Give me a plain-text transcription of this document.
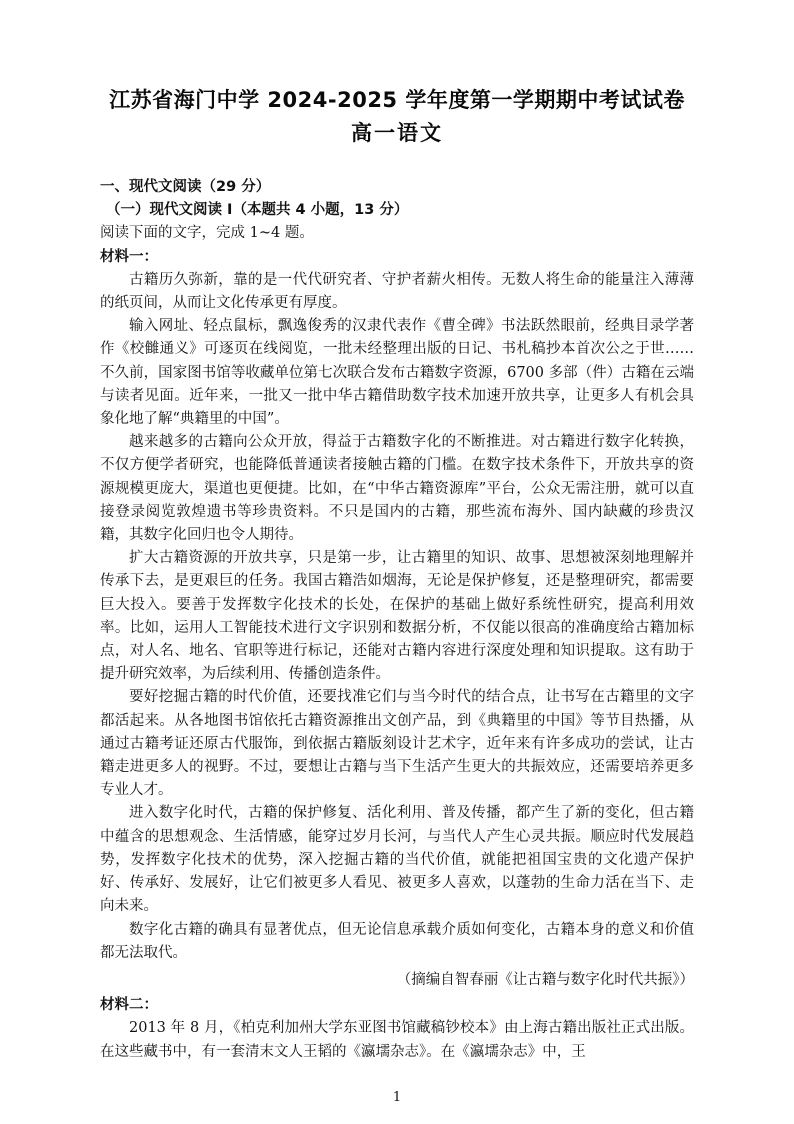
江苏省海门中学 2024-2025 学年度第一学期期中考试试卷
高一语文
一、现代文阅读（29 分）
（一）现代文阅读 I（本题共 4 小题，13 分）
阅读下面的文字，完成 1~4 题。
材料一：

古籍历久弥新，靠的是一代代研究者、守护者薪火相传。无数人将生命的能量注入薄薄的纸页间，从而让文化传承更有厚度。

输入网址、轻点鼠标，飘逸俊秀的汉隶代表作《曹全碑》书法跃然眼前，经典目录学著作《校雠通义》可逐页在线阅览，一批未经整理出版的日记、书札稿抄本首次公之于世……不久前，国家图书馆等收藏单位第七次联合发布古籍数字资源，6700 多部（件）古籍在云端与读者见面。近年来，一批又一批中华古籍借助数字技术加速开放共享，让更多人有机会具象化地了解“典籍里的中国”。

越来越多的古籍向公众开放，得益于古籍数字化的不断推进。对古籍进行数字化转换，不仅方便学者研究，也能降低普通读者接触古籍的门槛。在数字技术条件下，开放共享的资源规模更庞大，渠道也更便捷。比如，在“中华古籍资源库”平台，公众无需注册，就可以直接登录阅览敦煌遗书等珍贵资料。不只是国内的古籍，那些流布海外、国内缺藏的珍贵汉籍，其数字化回归也令人期待。

扩大古籍资源的开放共享，只是第一步，让古籍里的知识、故事、思想被深刻地理解并传承下去，是更艰巨的任务。我国古籍浩如烟海，无论是保护修复，还是整理研究，都需要巨大投入。要善于发挥数字化技术的长处，在保护的基础上做好系统性研究，提高利用效率。比如，运用人工智能技术进行文字识别和数据分析，不仅能以很高的准确度给古籍加标点，对人名、地名、官职等进行标记，还能对古籍内容进行深度处理和知识提取。这有助于提升研究效率，为后续利用、传播创造条件。

要好挖掘古籍的时代价值，还要找准它们与当今时代的结合点，让书写在古籍里的文字都活起来。从各地图书馆依托古籍资源推出文创产品，到《典籍里的中国》等节目热播，从通过古籍考证还原古代服饰，到依据古籍版刻设计艺术字，近年来有许多成功的尝试，让古籍走进更多人的视野。不过，要想让古籍与当下生活产生更大的共振效应，还需要培养更多专业人才。

进入数字化时代，古籍的保护修复、活化利用、普及传播，都产生了新的变化，但古籍中蕴含的思想观念、生活情感，能穿过岁月长河，与当代人产生心灵共振。顺应时代发展趋势，发挥数字化技术的优势，深入挖掘古籍的当代价值，就能把祖国宝贵的文化遗产保护好、传承好、发展好，让它们被更多人看见、被更多人喜欢，以蓬勃的生命力活在当下、走向未来。

数字化古籍的确具有显著优点，但无论信息承载介质如何变化，古籍本身的意义和价值都无法取代。

（摘编自智春丽《让古籍与数字化时代共振》）
材料二：

2013 年 8 月，《柏克利加州大学东亚图书馆藏稿钞校本》由上海古籍出版社正式出版。在这些藏书中，有一套清末文人王韬的《瀛壖杂志》。在《瀛壖杂志》中，王

1
